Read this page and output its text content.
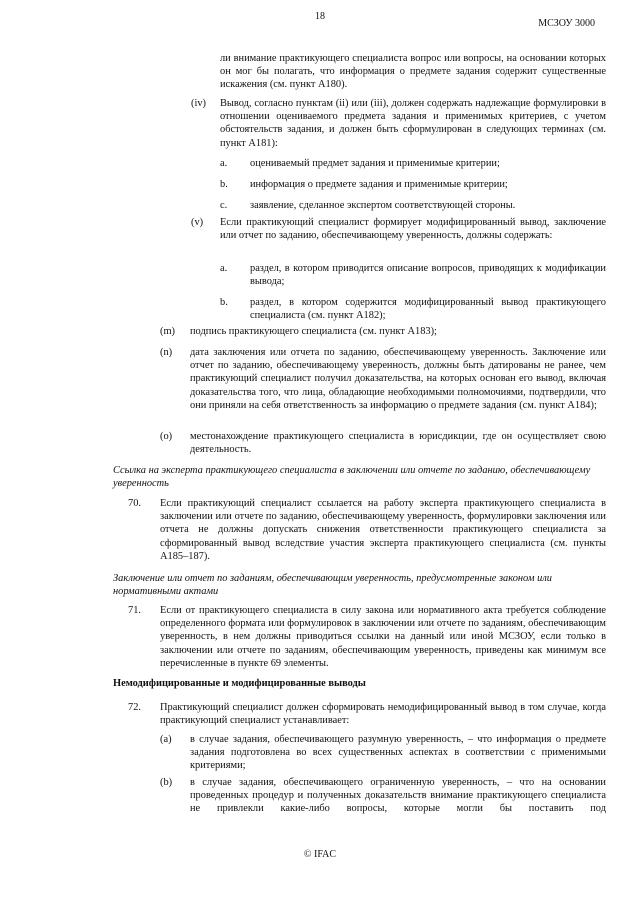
18
МСЗОУ 3000
ли внимание практикующего специалиста вопрос или вопросы, на основании которых он мог бы полагать, что информация о предмете задания содержит существенные искажения (см. пункт А180).
(iv) Вывод, согласно пунктам (ii) или (iii), должен содержать надлежащие формулировки в отношении оцениваемого предмета задания и применимых критериев, с учетом обстоятельств задания, и должен быть сформулирован в следующих терминах (см. пункт А181):
a. оцениваемый предмет задания и применимые критерии;
b. информация о предмете задания и применимые критерии;
c. заявление, сделанное экспертом соответствующей стороны.
(v) Если практикующий специалист формирует модифицированный вывод, заключение или отчет по заданию, обеспечивающему уверенность, должны содержать:
a. раздел, в котором приводится описание вопросов, приводящих к модификации вывода;
b. раздел, в котором содержится модифицированный вывод практикующего специалиста (см. пункт А182);
(m) подпись практикующего специалиста (см. пункт А183);
(n) дата заключения или отчета по заданию, обеспечивающему уверенность. Заключение или отчет по заданию, обеспечивающему уверенность, должны быть датированы не ранее, чем практикующий специалист получил доказательства, на которых основан его вывод, включая доказательства того, что лица, обладающие необходимыми полномочиями, подтвердили, что они приняли на себя ответственность за информацию о предмете задания (см. пункт А184);
(o) местонахождение практикующего специалиста в юрисдикции, где он осуществляет свою деятельность.
Ссылка на эксперта практикующего специалиста в заключении или отчете по заданию, обеспечивающему уверенность
70. Если практикующий специалист ссылается на работу эксперта практикующего специалиста в заключении или отчете по заданию, обеспечивающему уверенность, формулировки заключения или отчета не должны допускать снижения ответственности практикующего специалиста за сформированный вывод вследствие участия эксперта практикующего специалиста (см. пункты А185–187).
Заключение или отчет по заданиям, обеспечивающим уверенность, предусмотренные законом или нормативными актами
71. Если от практикующего специалиста в силу закона или нормативного акта требуется соблюдение определенного формата или формулировок в заключении или отчете по заданиям, обеспечивающим уверенность, в нем должны приводиться ссылки на данный или иной МСЗОУ, если только в заключении или отчете по заданиям, обеспечивающим уверенность, приведены как минимум все перечисленные в пункте 69 элементы.
Немодифицированные и модифицированные выводы
72. Практикующий специалист должен сформировать немодифицированный вывод в том случае, когда практикующий специалист устанавливает:
(a) в случае задания, обеспечивающего разумную уверенность, – что информация о предмете задания подготовлена во всех существенных аспектах в соответствии с применимыми критериями;
(b) в случае задания, обеспечивающего ограниченную уверенность, – что на основании проведенных процедур и полученных доказательств внимание практикующего специалиста не привлекли какие-либо вопросы, которые могли бы поставить под
© IFAC
